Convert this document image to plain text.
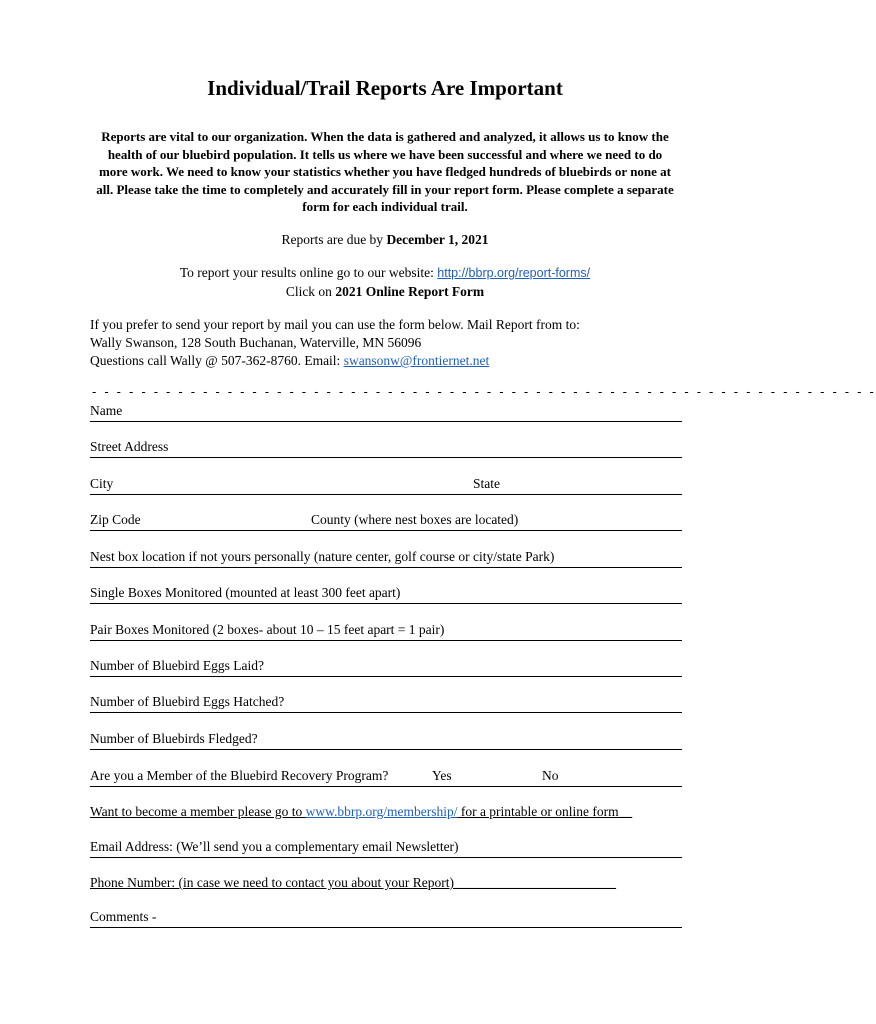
Individual/Trail Reports Are Important
Reports are vital to our organization. When the data is gathered and analyzed, it allows us to know the health of our bluebird population. It tells us where we have been successful and where we need to do more work. We need to know your statistics whether you have fledged hundreds of bluebirds or none at all. Please take the time to completely and accurately fill in your report form. Please complete a separate form for each individual trail.
Reports are due by December 1, 2021
To report your results online go to our website: http://bbrp.org/report-forms/
Click on 2021 Online Report Form
If you prefer to send your report by mail you can use the form below. Mail Report from to:
Wally Swanson, 128 South Buchanan, Waterville, MN 56096
Questions call Wally @ 507-362-8760. Email: swansonw@frontiernet.net
- - - - - - - - - - - - - - - - - - - - - - - - - - - - - - - - - - - - - - - - - - - - - - - - - - - - - - - - - - - - - - - -
Name
Street Address
City	State
Zip Code	County (where nest boxes are located)
Nest box location if not yours personally (nature center, golf course or city/state Park)
Single Boxes Monitored (mounted at least 300 feet apart)
Pair Boxes Monitored (2 boxes- about 10 – 15 feet apart = 1 pair)
Number of Bluebird Eggs Laid?
Number of Bluebird Eggs Hatched?
Number of Bluebirds Fledged?
Are you a Member of the Bluebird Recovery Program?	Yes	No
Want to become a member please go to www.bbrp.org/membership/ for a printable or online form__
Email Address: (We’ll send you a complementary email Newsletter)
Phone Number: (in case we need to contact you about your Report)________________________
Comments -
